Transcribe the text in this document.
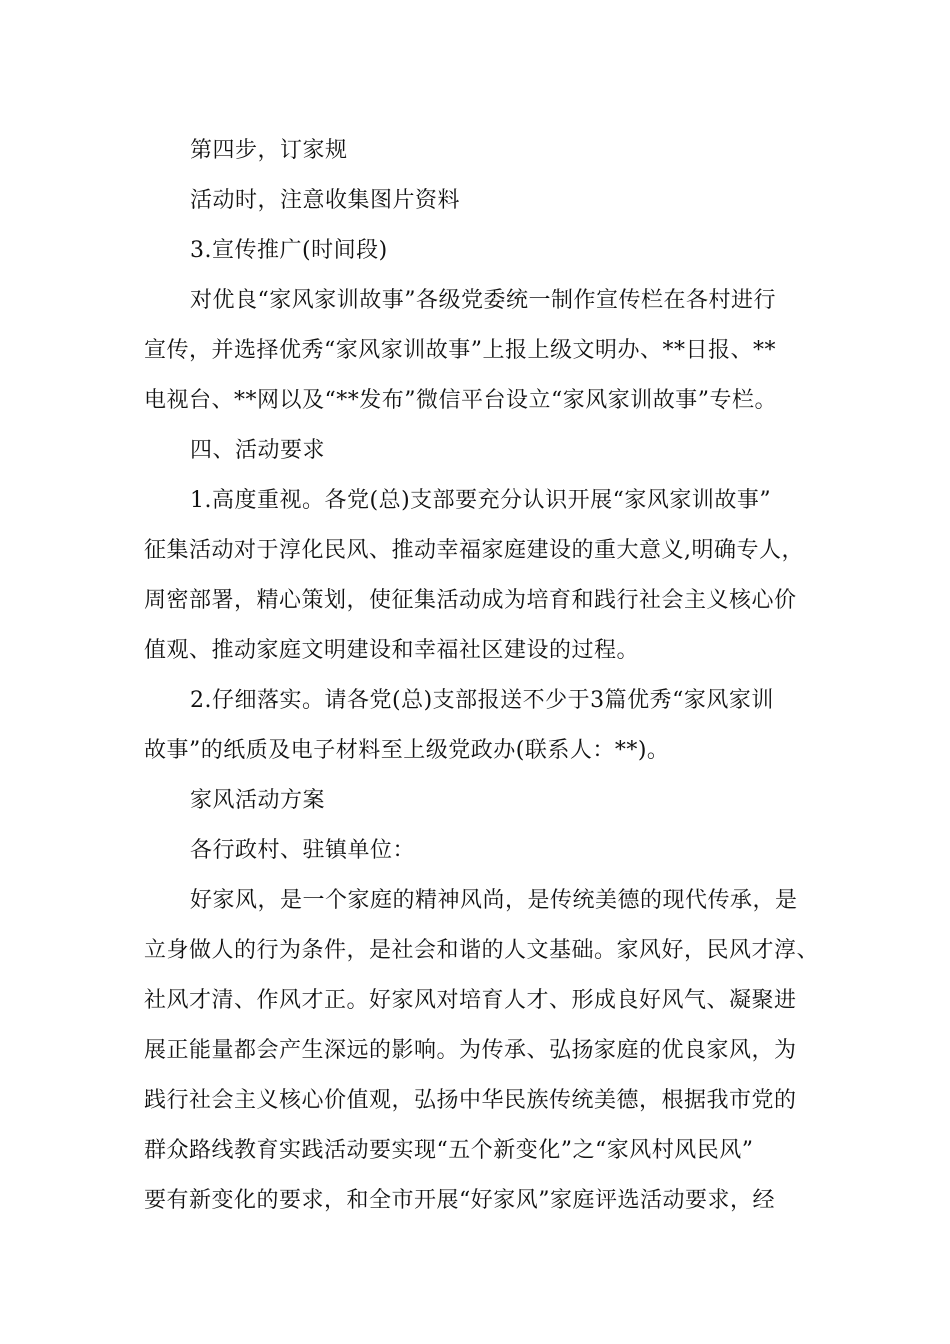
第四步，订家规
活动时，注意收集图片资料
3.宣传推广(时间段)
对优良“家风家训故事”各级党委统一制作宣传栏在各村进行
宣传，并选择优秀“家风家训故事”上报上级文明办、**日报、**
电视台、**网以及“**发布”微信平台设立“家风家训故事”专栏。
四、活动要求
1.高度重视。各党(总)支部要充分认识开展“家风家训故事”
征集活动对于淳化民风、推动幸福家庭建设的重大意义,明确专人，
周密部署，精心策划，使征集活动成为培育和践行社会主义核心价
值观、推动家庭文明建设和幸福社区建设的过程。
2.仔细落实。请各党(总)支部报送不少于3篇优秀“家风家训
故事”的纸质及电子材料至上级党政办(联系人：**)。
家风活动方案
各行政村、驻镇单位：
好家风，是一个家庭的精神风尚，是传统美德的现代传承，是
立身做人的行为条件，是社会和谐的人文基础。家风好，民风才淳、
社风才清、作风才正。好家风对培育人才、形成良好风气、凝聚进
展正能量都会产生深远的影响。为传承、弘扬家庭的优良家风，为
践行社会主义核心价值观，弘扬中华民族传统美德，根据我市党的
群众路线教育实践活动要实现“五个新变化”之“家风村风民风”
要有新变化的要求，和全市开展“好家风”家庭评选活动要求，经
